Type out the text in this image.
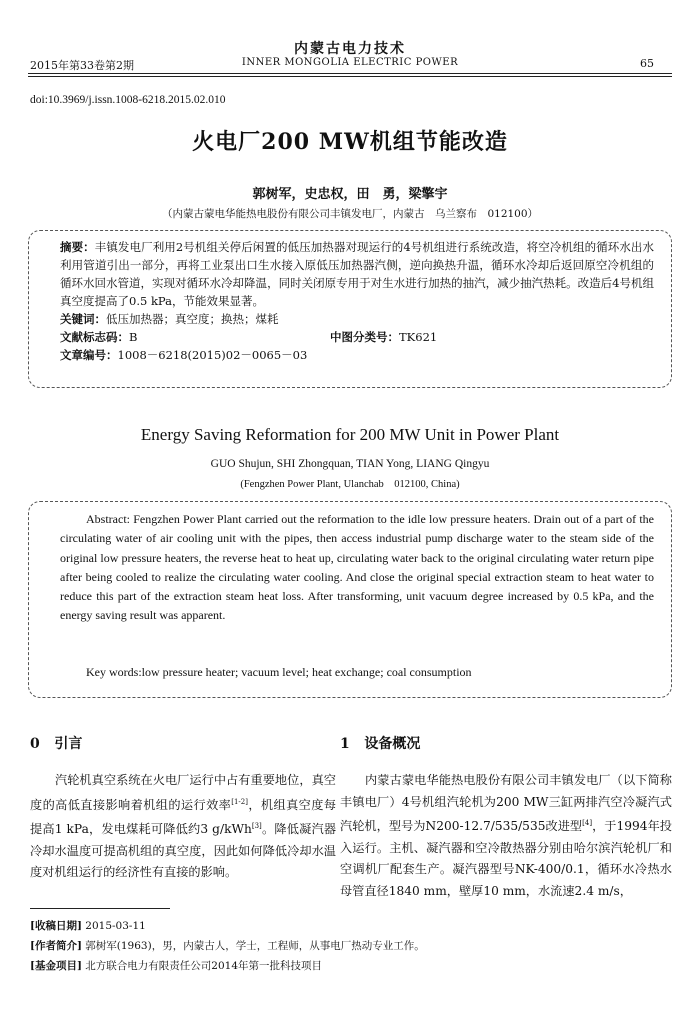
内蒙古电力技术
2015年第33卷第2期	INNER MONGOLIA ELECTRIC POWER	65
doi:10.3969/j.issn.1008-6218.2015.02.010
火电厂200 MW机组节能改造
郭树军，史忠权，田　勇，梁擎宇
（内蒙古蒙电华能热电股份有限公司丰镇发电厂，内蒙古　乌兰察布　012100）
摘要：丰镇发电厂利用2号机组关停后闲置的低压加热器对现运行的4号机组进行系统改造，将空冷机组的循环水出水利用管道引出一部分，再将工业泵出口生水接入原低压加热器汽侧，逆向换热升温，循环水冷却后返回原空冷机组的循环水回水管道，实现对循环水冷却降温，同时关闭原专用于对生水进行加热的抽汽，减少抽汽热耗。改造后4号机组真空度提高了0.5 kPa，节能效果显著。
关键词：低压加热器；真空度；换热；煤耗
文献标志码：B	中图分类号：TK621
文章编号：1008－6218(2015)02－0065－03
Energy Saving Reformation for 200 MW Unit in Power Plant
GUO Shujun, SHI Zhongquan, TIAN Yong, LIANG Qingyu
(Fengzhen Power Plant, Ulanchab　012100, China)
Abstract: Fengzhen Power Plant carried out the reformation to the idle low pressure heaters. Drain out of a part of the circulating water of air cooling unit with the pipes, then access industrial pump discharge water to the steam side of the original low pressure heaters, the reverse heat to heat up, circulating water back to the original circulating water return pipe after being cooled to realize the circulating water cooling. And close the original special extraction steam to heat water to reduce this part of the extraction steam heat loss. After transforming, unit vacuum degree increased by 0.5 kPa, and the energy saving result was apparent.
Key words:low pressure heater; vacuum level; heat exchange; coal consumption
0 引言	1 设备概况
汽轮机真空系统在火电厂运行中占有重要地位，真空度的高低直接影响着机组的运行效率[1-2]，机组真空度每提高1 kPa，发电煤耗可降低约3 g/kWh[3]。降低凝汽器冷却水温度可提高机组的真空度，因此如何降低冷却水温度对机组运行的经济性有直接的影响。
内蒙古蒙电华能热电股份有限公司丰镇发电厂（以下简称丰镇电厂）4号机组汽轮机为200 MW三缸两排汽空冷凝汽式汽轮机，型号为N200-12.7/535/535改进型[4]，于1994年投入运行。主机、凝汽器和空冷散热器分别由哈尔滨汽轮机厂和空调机厂配套生产。凝汽器型号NK-400/0.1，循环水冷热水母管直径1840 mm，壁厚10 mm，水流速2.4 m/s，
[收稿日期] 2015-03-11
[作者简介] 郭树军(1963)，男，内蒙古人，学士，工程师，从事电厂热动专业工作。
[基金项目] 北方联合电力有限责任公司2014年第一批科技项目
